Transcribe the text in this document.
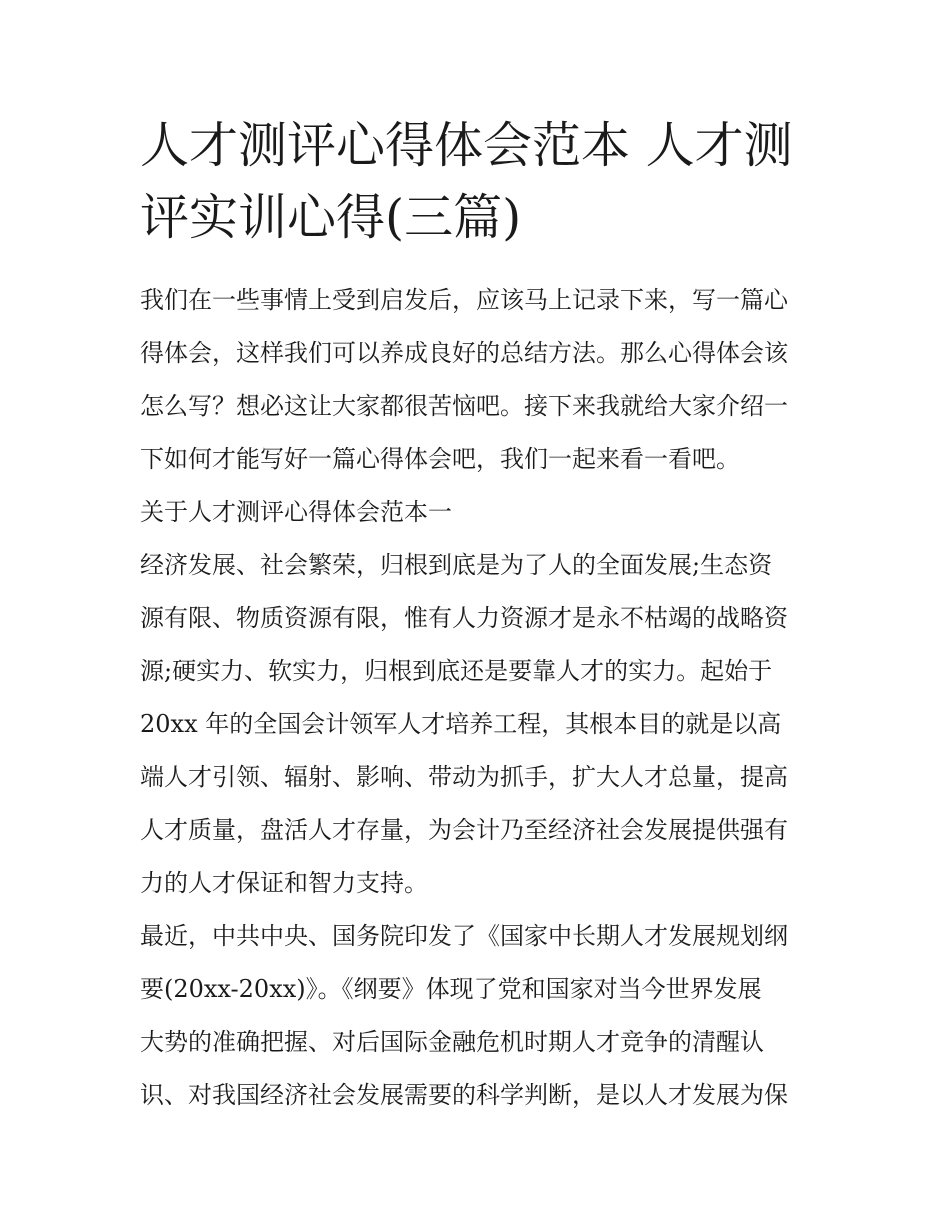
人才测评心得体会范本 人才测
评实训心得(三篇)
我们在一些事情上受到启发后，应该马上记录下来，写一篇心
得体会，这样我们可以养成良好的总结方法。那么心得体会该
怎么写？想必这让大家都很苦恼吧。接下来我就给大家介绍一
下如何才能写好一篇心得体会吧，我们一起来看一看吧。
关于人才测评心得体会范本一
经济发展、社会繁荣，归根到底是为了人的全面发展;生态资
源有限、物质资源有限，惟有人力资源才是永不枯竭的战略资
源;硬实力、软实力，归根到底还是要靠人才的实力。起始于
20xx 年的全国会计领军人才培养工程，其根本目的就是以高
端人才引领、辐射、影响、带动为抓手，扩大人才总量，提高
人才质量，盘活人才存量，为会计乃至经济社会发展提供强有
力的人才保证和智力支持。
最近，中共中央、国务院印发了《国家中长期人才发展规划纲
要(20xx-20xx)》。《纲要》体现了党和国家对当今世界发展
大势的准确把握、对后国际金融危机时期人才竞争的清醒认
识、对我国经济社会发展需要的科学判断，是以人才发展为保
